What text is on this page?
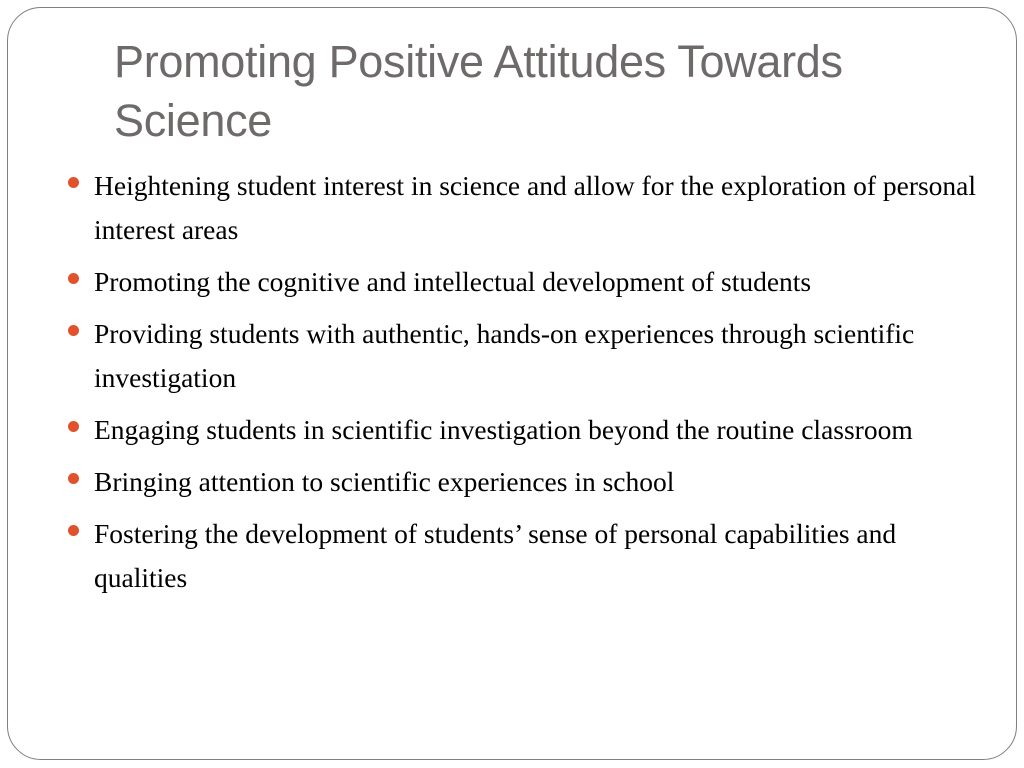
Promoting Positive Attitudes Towards Science
Heightening student interest in science and allow for the exploration of personal interest areas
Promoting the cognitive and intellectual development of students
Providing students with authentic, hands-on experiences through scientific investigation
Engaging students in scientific investigation beyond the routine classroom
Bringing attention to scientific experiences in school
Fostering the development of students’ sense of personal capabilities and qualities
